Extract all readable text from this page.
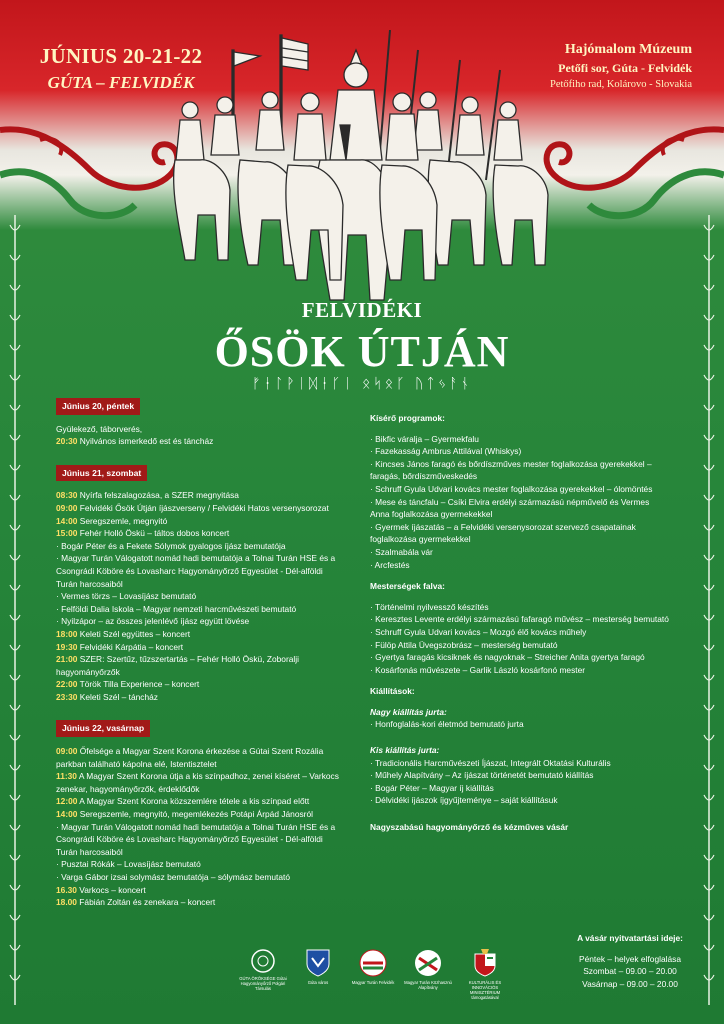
JÚNIUS 20-21-22
GÚTA – FELVIDÉK
Hajómalom Múzeum
Petőfi sor, Gúta - Felvidék
Petőfiho rad, Kolárovo - Slovakia
FELVIDÉKI
ŐSÖK ÚTJÁN
ᚠᛂᛚᚹᛁᛞᛂᚴᛁ ᛟᛋᛟᚴ ᚢᛏᛃᚨᚾ
Június 20, péntek
Gyülekező, táborverés,
20:30 Nyilvános ismerkedő est és táncház
Június 21, szombat
08:30 Nyírfa felszalagozása, a SZER megnyitása
09:00 Felvidéki Ősök Útján íjászverseny / Felvidéki Hatos versenysorozat
14:00 Seregszemle, megnyitó
15:00 Fehér Holló Öskü – táltos dobos koncert
· Bogár Péter és a Fekete Sólymok gyalogos íjász bemutatója
· Magyar Turán Válogatott nomád hadi bemutatója a Tolnai Turán HSE és a Csongrádi Köböre és Lovasharc Hagyományőrző Egyesület - Dél-alföldi Turán harcosaiból
· Vermes törzs – Lovasíjász bemutató
· Felföldi Dalia Iskola – Magyar nemzeti harcművészeti bemutató
· Nyilzápor – az összes jelenlévő íjász együtt lövése
18:00 Keleti Szél együttes – koncert
19:30 Felvidéki Kárpátia – koncert
21:00 SZER: Szertűz, tűzszertartás – Fehér Holló Öskü, Zoboralji hagyományőrzők
22:00 Török Tilla Experience – koncert
23:30 Keleti Szél – táncház
Június 22, vasárnap
09:00 Őfelsége a Magyar Szent Korona érkezése a Gútai Szent Rozália parkban található kápolna elé, Istentisztelet
11:30 A Magyar Szent Korona útja a kis színpadhoz, zenei kíséret – Varkocs zenekar, hagyományőrzők, érdeklődők
12:00 A Magyar Szent Korona közszemlére tétele a kis színpad előtt
14:00 Seregszemle, megnyitó, megemlékezés Potápi Árpád Jánosról
· Magyar Turán Válogatott nomád hadi bemutatója a Tolnai Turán HSE és a Csongrádi Köböre és Lovasharc Hagyományőrző Egyesület - Dél-alföldi Turán harcosaiból
· Pusztai Rókák – Lovasíjász bemutató
· Varga Gábor izsai solymász bemutatója – sólymász bemutató
16.30 Varkocs – koncert
18.00 Fábián Zoltán és zenekara – koncert
Kísérő programok:
· Bikfic váralja – Gyermekfalu
· Fazekasság Ambrus Attilával (Whiskys)
· Kincses János faragó és bőrdíszműves mester foglalkozása gyerekekkel – faragás, bőrdíszműveskedés
· Schruff Gyula Udvari kovács mester foglalkozása gyerekekkel – ólomöntés
· Mese és táncfalu – Csíki Elvira erdélyi származású népművelő és Vermes Anna foglalkozása gyermekekkel
· Gyermek íjászatás – a Felvidéki versenysorozat szervező csapatainak foglalkozása gyermekekkel
· Szalmabála vár
· Arcfestés
Mesterségek falva:
· Történelmi nyilvessző készítés
· Keresztes Levente erdélyi származású fafaragó művész – mesterség bemutató
· Schruff Gyula Udvari kovács – Mozgó élő kovács műhely
· Fülöp Attila Üvegszobrász – mesterség bemutató
· Gyertya faragás kicsiknek és nagyoknak – Streicher Anita gyertya faragó
· Kosárfonás művészete – Garlik László kosárfonó mester
Kiállítások:
Nagy kiállítás jurta:
· Honfoglalás-kori életmód bemutató jurta
Kis kiállítás jurta:
· Tradicionális Harcművészeti Íjászat, Integrált Oktatási Kulturális
· Műhely Alapítvány – Az íjászat történetét bemutató kiállítás
· Bogár Péter – Magyar íj kiállítás
· Délvidéki íjászok íjgyűjteménye – saját kiállításuk
Nagyszabású hagyományőrző és kézműves vásár
A vásár nyitvatartási ideje:
Péntek – helyek elfoglalása
Szombat – 09.00 – 20.00
Vasárnap – 09.00 – 20.00
GÚTA ÖRÖKSÉGE Gútai Hagyományőrző Polgári Társulás
Gúta város	Magyar Turán Felvidék	Magyar Turán Közhasznú Alapítvány
KULTURÁLIS ÉS INNOVÁCIÓS MINISZTÉRIUM támogatásával
